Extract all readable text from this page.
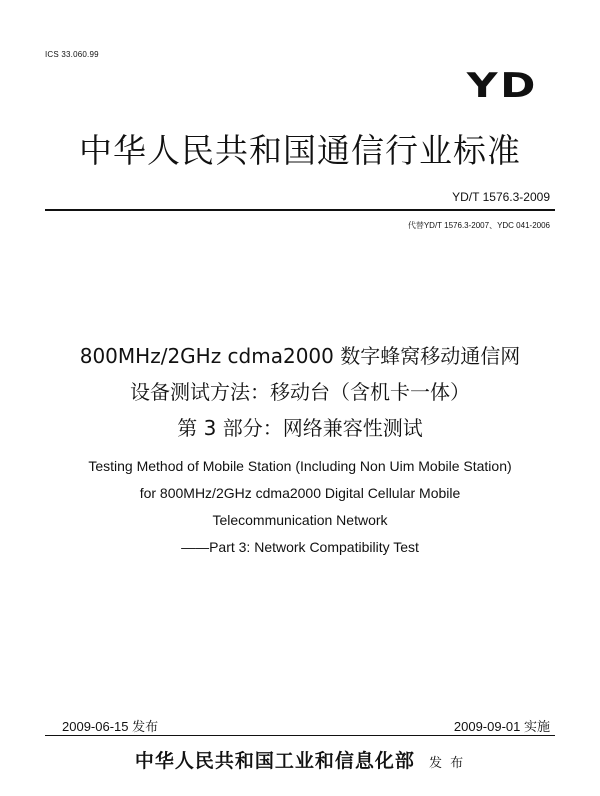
ICS 33.060.99
YD
中华人民共和国通信行业标准
YD/T 1576.3-2009
代替YD/T 1576.3-2007、YDC 041-2006
800MHz/2GHz cdma2000 数字蜂窝移动通信网
设备测试方法：移动台（含机卡一体）
第 3 部分：网络兼容性测试
Testing Method of Mobile Station (Including Non Uim Mobile Station)
for 800MHz/2GHz cdma2000 Digital Cellular Mobile
Telecommunication Network
——Part 3: Network Compatibility Test
2009-06-15 发布	2009-09-01 实施
中华人民共和国工业和信息化部 发 布
